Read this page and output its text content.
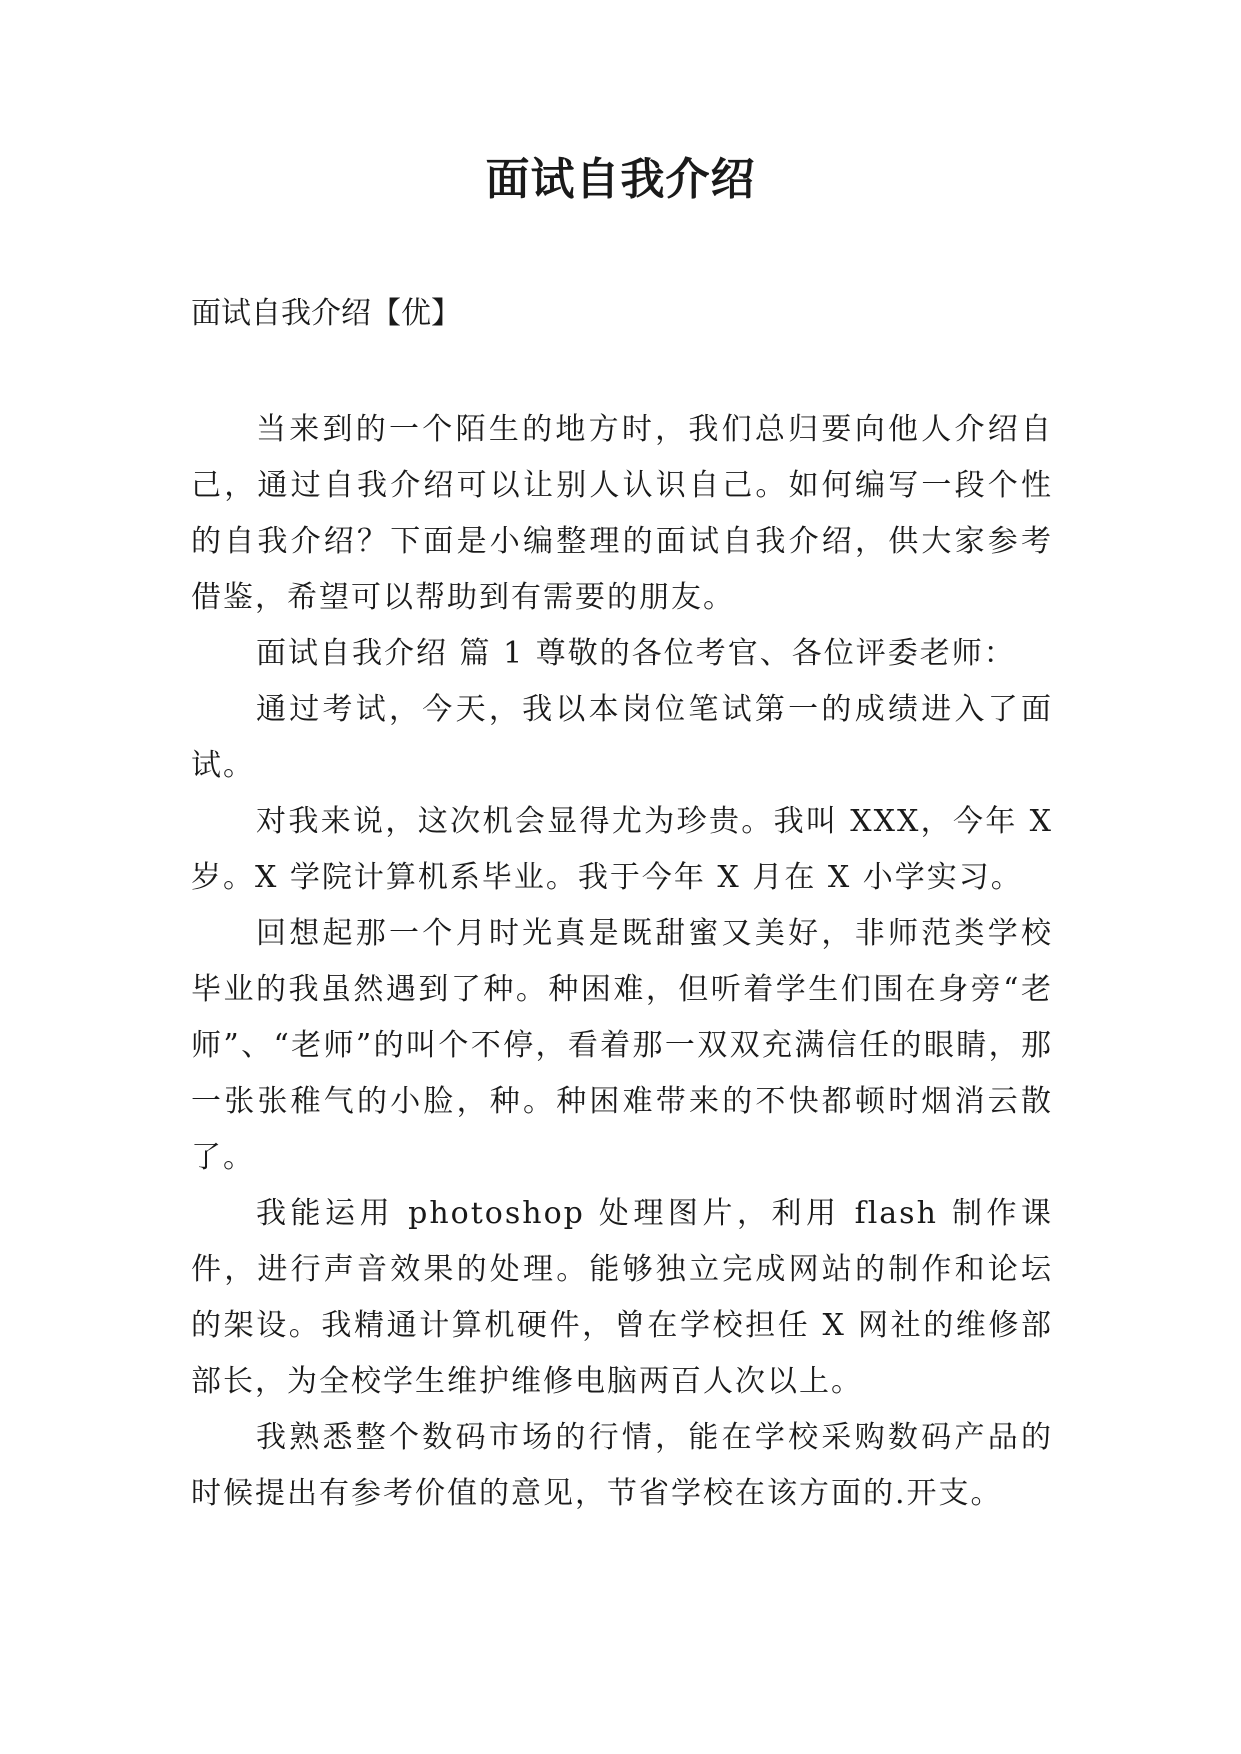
面试自我介绍

面试自我介绍【优】

当来到的一个陌生的地方时，我们总归要向他人介绍自己，通过自我介绍可以让别人认识自己。如何编写一段个性的自我介绍？下面是小编整理的面试自我介绍，供大家参考借鉴，希望可以帮助到有需要的朋友。

面试自我介绍 篇 1 尊敬的各位考官、各位评委老师：

通过考试，今天，我以本岗位笔试第一的成绩进入了面试。

对我来说，这次机会显得尤为珍贵。我叫 XXX，今年 X 岁。X 学院计算机系毕业。我于今年 X 月在 X 小学实习。

回想起那一个月时光真是既甜蜜又美好，非师范类学校毕业的我虽然遇到了种。种困难，但听着学生们围在身旁“老师”、“老师”的叫个不停，看着那一双双充满信任的眼睛，那一张张稚气的小脸，种。种困难带来的不快都顿时烟消云散了。

我能运用 photoshop 处理图片，利用 flash 制作课件，进行声音效果的处理。能够独立完成网站的制作和论坛的架设。我精通计算机硬件，曾在学校担任 X 网社的维修部部长，为全校学生维护维修电脑两百人次以上。

我熟悉整个数码市场的行情，能在学校采购数码产品的时候提出有参考价值的意见，节省学校在该方面的.开支。
